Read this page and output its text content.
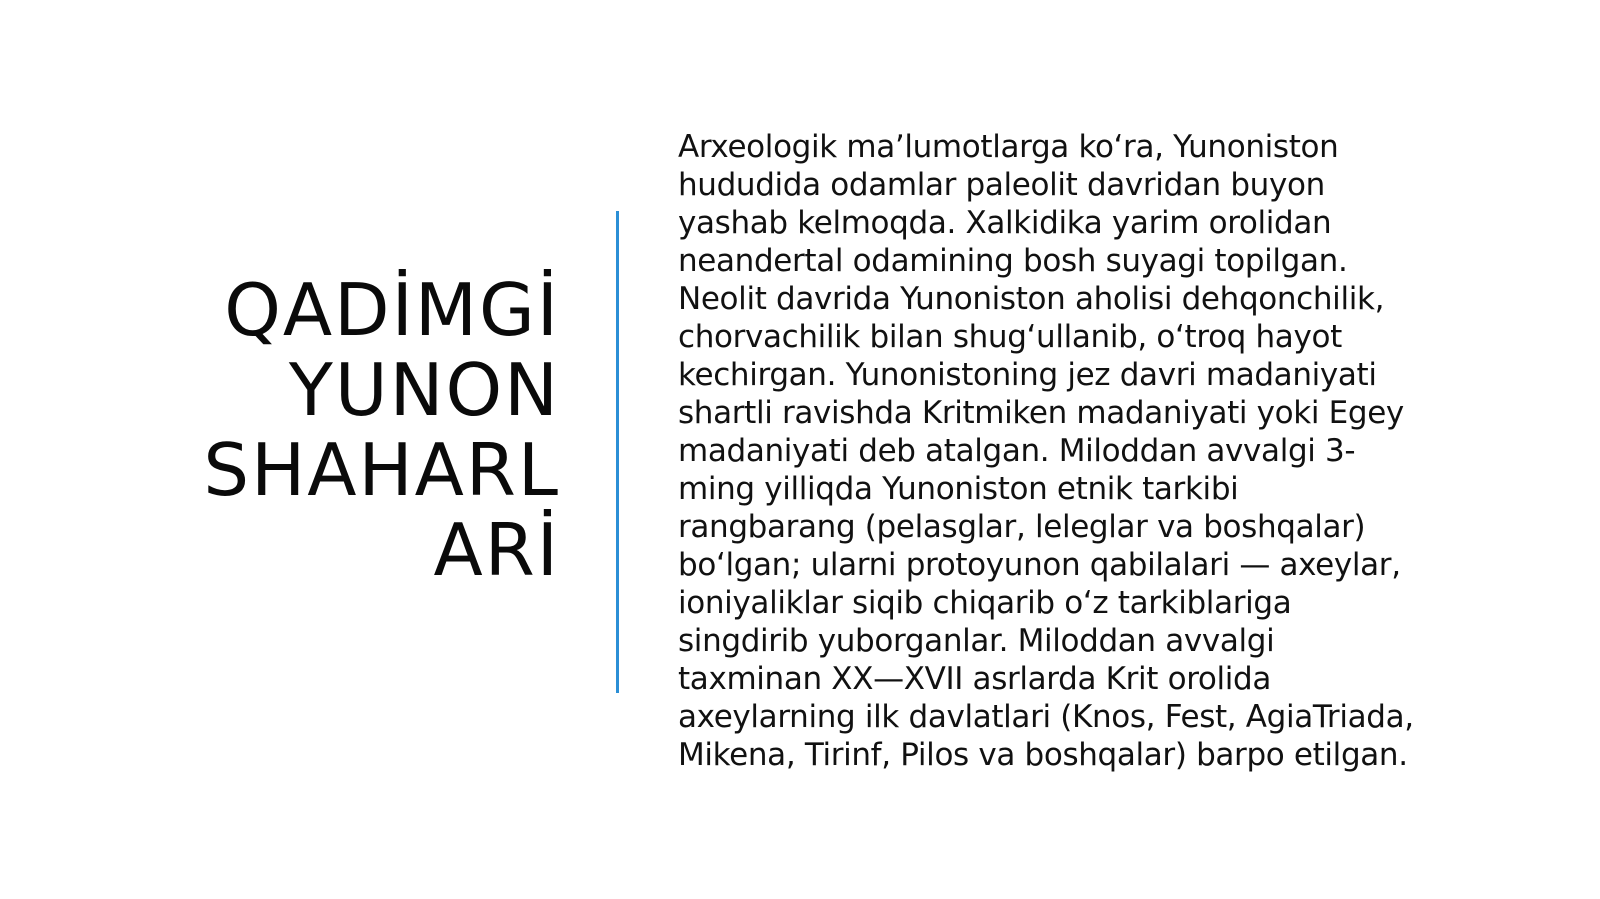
QADİMGİ
YUNON
SHAHARL
ARİ
Arxeologik maʼlumotlarga koʻra, Yunoniston
hududida odamlar paleolit davridan buyon
yashab kelmoqda. Xalkidika yarim orolidan
neandertal odamining bosh suyagi topilgan.
Neolit davrida Yunoniston aholisi dehqonchilik,
chorvachilik bilan shugʻullanib, oʻtroq hayot
kechirgan. Yunonistoning jez davri madaniyati
shartli ravishda Kritmiken madaniyati yoki Egey
madaniyati deb atalgan. Miloddan avvalgi 3-
ming yilliqda Yunoniston etnik tarkibi
rangbarang (pelasglar, leleglar va boshqalar)
boʻlgan; ularni protoyunon qabilalari — axeylar,
ioniyaliklar siqib chiqarib oʻz tarkiblariga
singdirib yuborganlar. Miloddan avvalgi
taxminan XX—XVII asrlarda Krit orolida
axeylarning ilk davlatlari (Knos, Fest, AgiaTriada,
Mikena, Tirinf, Pilos va boshqalar) barpo etilgan.
